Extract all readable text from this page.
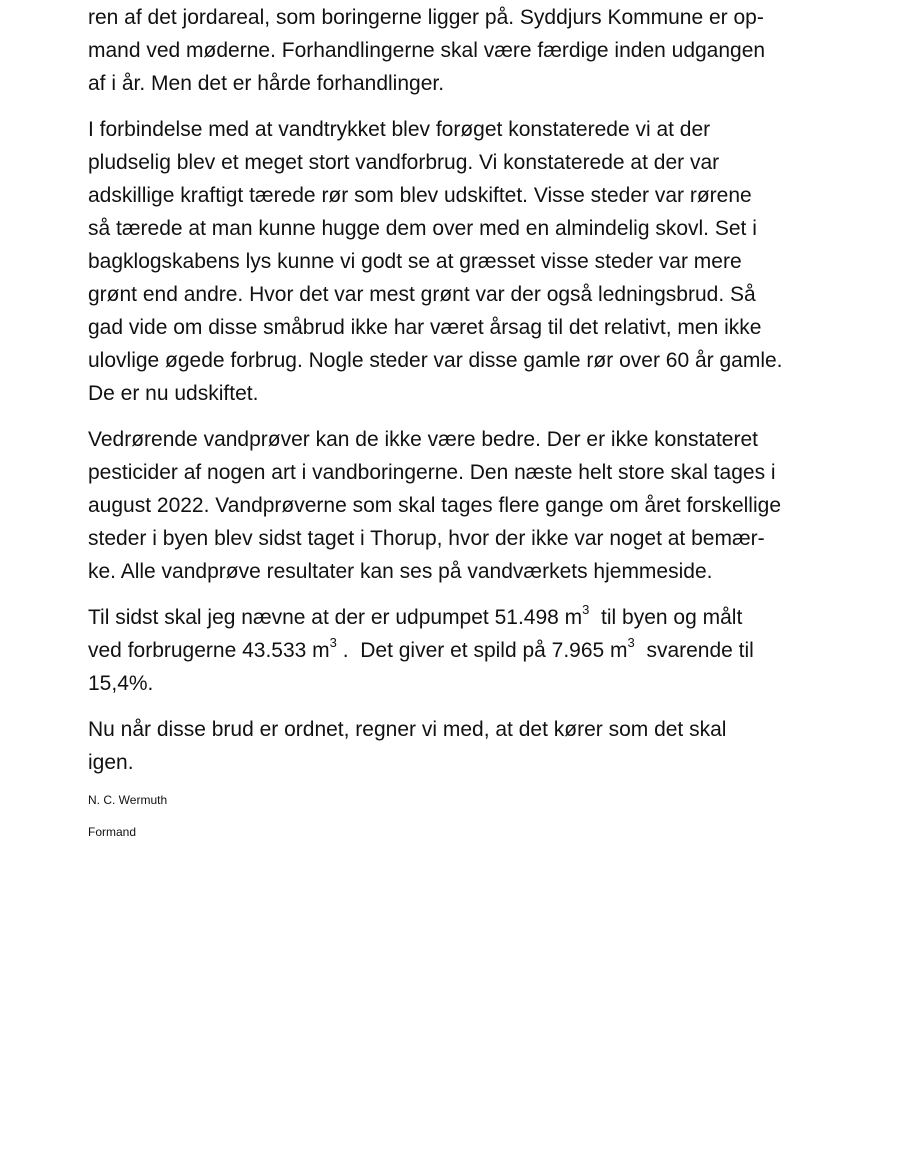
ren af det jordareal, som boringerne ligger på. Syddjurs Kommune er op-
mand ved møderne. Forhandlingerne skal være færdige inden udgangen
af i år. Men det er hårde forhandlinger.

I forbindelse med at vandtrykket blev forøget konstaterede vi at der
pludselig blev et meget stort vandforbrug. Vi konstaterede at der var
adskillige kraftigt tærede rør som blev udskiftet. Visse steder var rørene
så tærede at man kunne hugge dem over med en almindelig skovl. Set i
bagklogskabens lys kunne vi godt se at græsset visse steder var mere
grønt end andre. Hvor det var mest grønt var der også ledningsbrud. Så
gad vide om disse småbrud ikke har været årsag til det relativt, men ikke
ulovlige øgede forbrug. Nogle steder var disse gamle rør over 60 år gamle.
De er nu udskiftet.

Vedrørende vandprøver kan de ikke være bedre. Der er ikke konstateret
pesticider af nogen art i vandboringerne. Den næste helt store skal tages i
august 2022. Vandprøverne som skal tages flere gange om året forskellige
steder i byen blev sidst taget i Thorup, hvor der ikke var noget at bemær-
ke. Alle vandprøve resultater kan ses på vandværkets hjemmeside.

Til sidst skal jeg nævne at der er udpumpet 51.498 $m^3$  til byen og målt
ved forbrugerne 43.533 $m^3$ .  Det giver et spild på 7.965 $m^3$  svarende til
15,4%.

Nu når disse brud er ordnet, regner vi med, at det kører som det skal
igen.

N. C. Wermuth

Formand
